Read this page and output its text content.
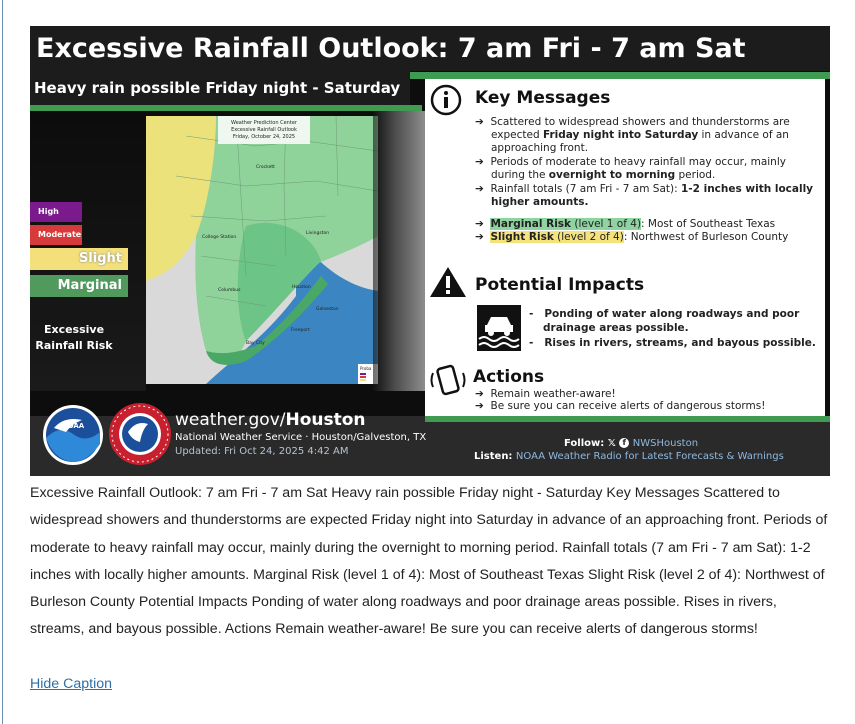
Excessive Rainfall Outlook: 7 am Fri - 7 am Sat
Heavy rain possible Friday night - Saturday
High
Moderate
Slight
Marginal
Excessive
Rainfall Risk
Weather Prediction Center
Excessive Rainfall Outlook
Friday, October 24, 2025
Crockett
College Station
Livingston
Columbus
Houston
Galveston
Freeport
Bay City
Proba
Key Messages
➔  Scattered to widespread showers and thunderstorms are
expected Friday night into Saturday in advance of an
approaching front.
➔  Periods of moderate to heavy rainfall may occur, mainly
during the overnight to morning period.
➔  Rainfall totals (7 am Fri - 7 am Sat): 1-2 inches with locally
higher amounts.
➔  Marginal Risk (level 1 of 4): Most of Southeast Texas
➔  Slight Risk (level 2 of 4): Northwest of Burleson County
Potential Impacts
-   Ponding of water along roadways and poor
drainage areas possible.
-   Rises in rivers, streams, and bayous possible.
Actions
➔  Remain weather-aware!
➔  Be sure you can receive alerts of dangerous storms!
NOAA	weather.gov/Houston
National Weather Service · Houston/Galveston, TX
Updated: Fri Oct 24, 2025 4:42 AM
Follow: 𝕏 f NWSHouston
Listen: NOAA Weather Radio for Latest Forecasts & Warnings
Excessive Rainfall Outlook: 7 am Fri - 7 am Sat Heavy rain possible Friday night - Saturday Key Messages Scattered to widespread showers and thunderstorms are expected Friday night into Saturday in advance of an approaching front. Periods of moderate to heavy rainfall may occur, mainly during the overnight to morning period. Rainfall totals (7 am Fri - 7 am Sat): 1-2 inches with locally higher amounts. Marginal Risk (level 1 of 4): Most of Southeast Texas Slight Risk (level 2 of 4): Northwest of Burleson County Potential Impacts Ponding of water along roadways and poor drainage areas possible. Rises in rivers, streams, and bayous possible. Actions Remain weather-aware! Be sure you can receive alerts of dangerous storms!
Hide Caption
